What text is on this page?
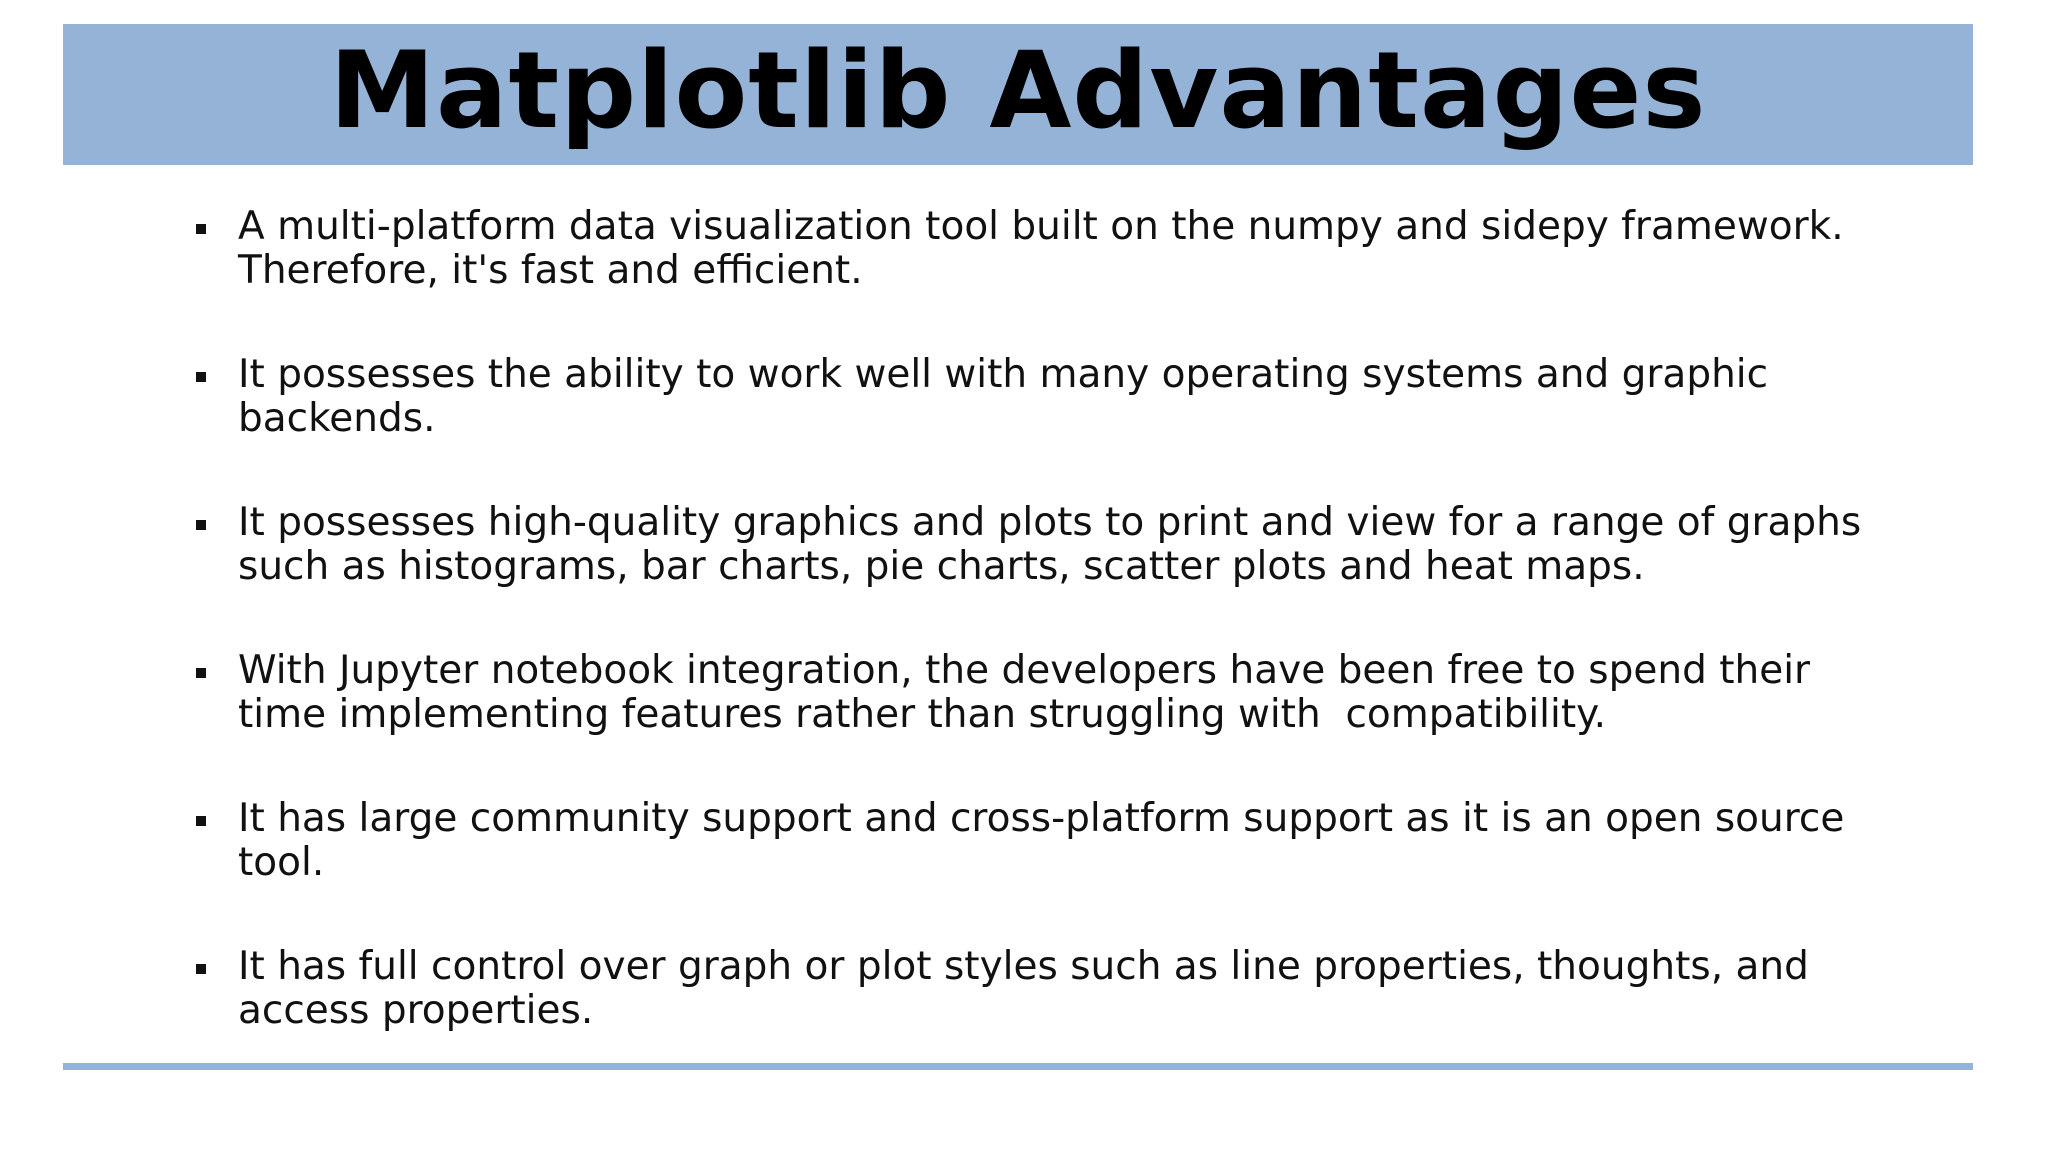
Matplotlib Advantages
A multi-platform data visualization tool built on the numpy and sidepy framework.
Therefore, it's fast and efficient.
It possesses the ability to work well with many operating systems and graphic
backends.
It possesses high-quality graphics and plots to print and view for a range of graphs
such as histograms, bar charts, pie charts, scatter plots and heat maps.
With Jupyter notebook integration, the developers have been free to spend their
time implementing features rather than struggling with  compatibility.
It has large community support and cross-platform support as it is an open source
tool.
It has full control over graph or plot styles such as line properties, thoughts, and
access properties.
